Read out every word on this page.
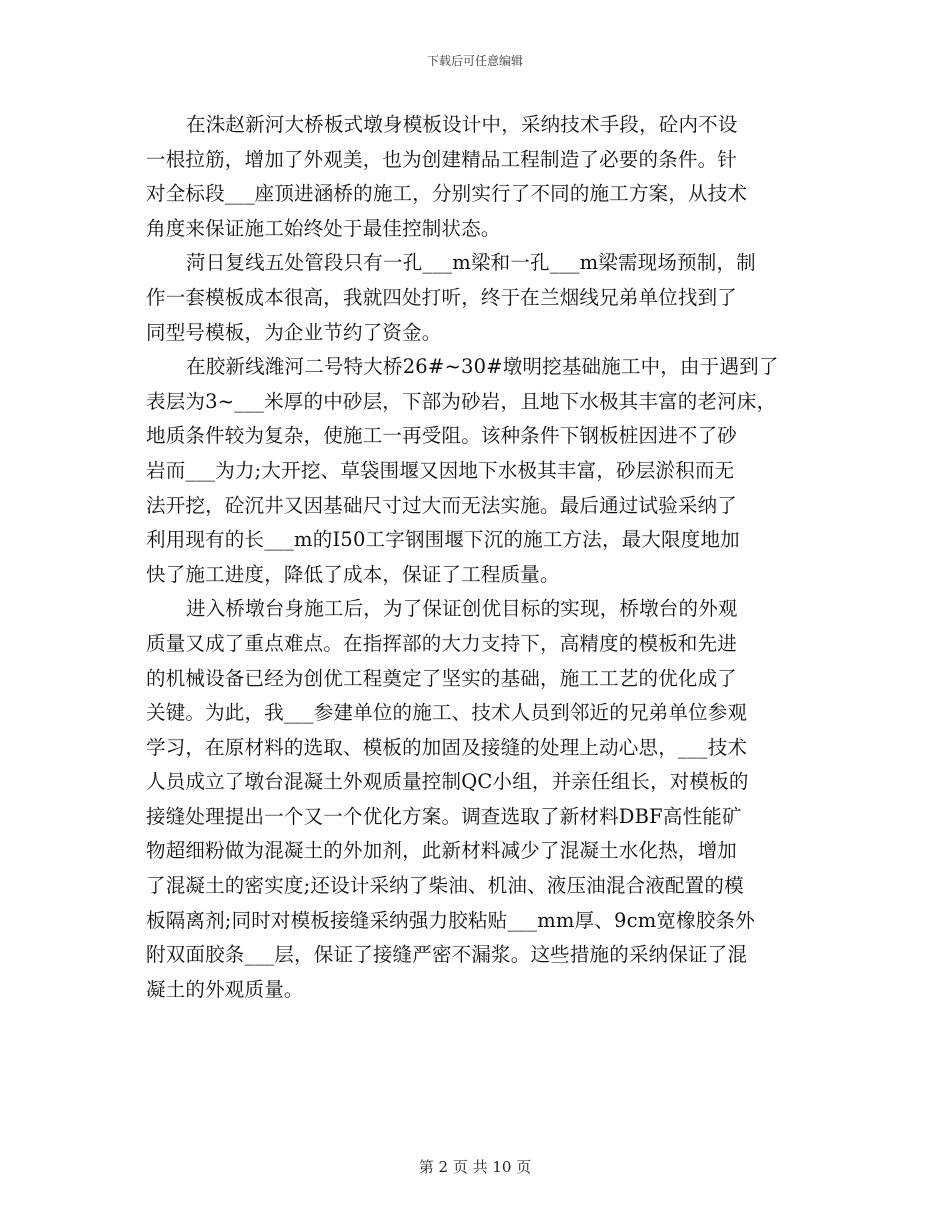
下载后可任意编辑
在洙赵新河大桥板式墩身模板设计中，采纳技术手段，砼内不设
一根拉筋，增加了外观美，也为创建精品工程制造了必要的条件。针
对全标段___座顶进涵桥的施工，分别实行了不同的施工方案，从技术
角度来保证施工始终处于最佳控制状态。
菏日复线五处管段只有一孔___m梁和一孔___m梁需现场预制，制
作一套模板成本很高，我就四处打听，终于在兰烟线兄弟单位找到了
同型号模板，为企业节约了资金。
在胶新线潍河二号特大桥26#~30#墩明挖基础施工中，由于遇到了
表层为3~___米厚的中砂层，下部为砂岩，且地下水极其丰富的老河床，
地质条件较为复杂，使施工一再受阻。该种条件下钢板桩因进不了砂
岩而___为力;大开挖、草袋围堰又因地下水极其丰富，砂层淤积而无
法开挖，砼沉井又因基础尺寸过大而无法实施。最后通过试验采纳了
利用现有的长___m的I50工字钢围堰下沉的施工方法，最大限度地加
快了施工进度，降低了成本，保证了工程质量。
进入桥墩台身施工后，为了保证创优目标的实现，桥墩台的外观
质量又成了重点难点。在指挥部的大力支持下，高精度的模板和先进
的机械设备已经为创优工程奠定了坚实的基础，施工工艺的优化成了
关键。为此，我___参建单位的施工、技术人员到邻近的兄弟单位参观
学习，在原材料的选取、模板的加固及接缝的处理上动心思，___技术
人员成立了墩台混凝土外观质量控制QC小组，并亲任组长，对模板的
接缝处理提出一个又一个优化方案。调查选取了新材料DBF高性能矿
物超细粉做为混凝土的外加剂，此新材料减少了混凝土水化热，增加
了混凝土的密实度;还设计采纳了柴油、机油、液压油混合液配置的模
板隔离剂;同时对模板接缝采纳强力胶粘贴___mm厚、9cm宽橡胶条外
附双面胶条___层，保证了接缝严密不漏浆。这些措施的采纳保证了混
凝土的外观质量。
第 2 页 共 10 页
